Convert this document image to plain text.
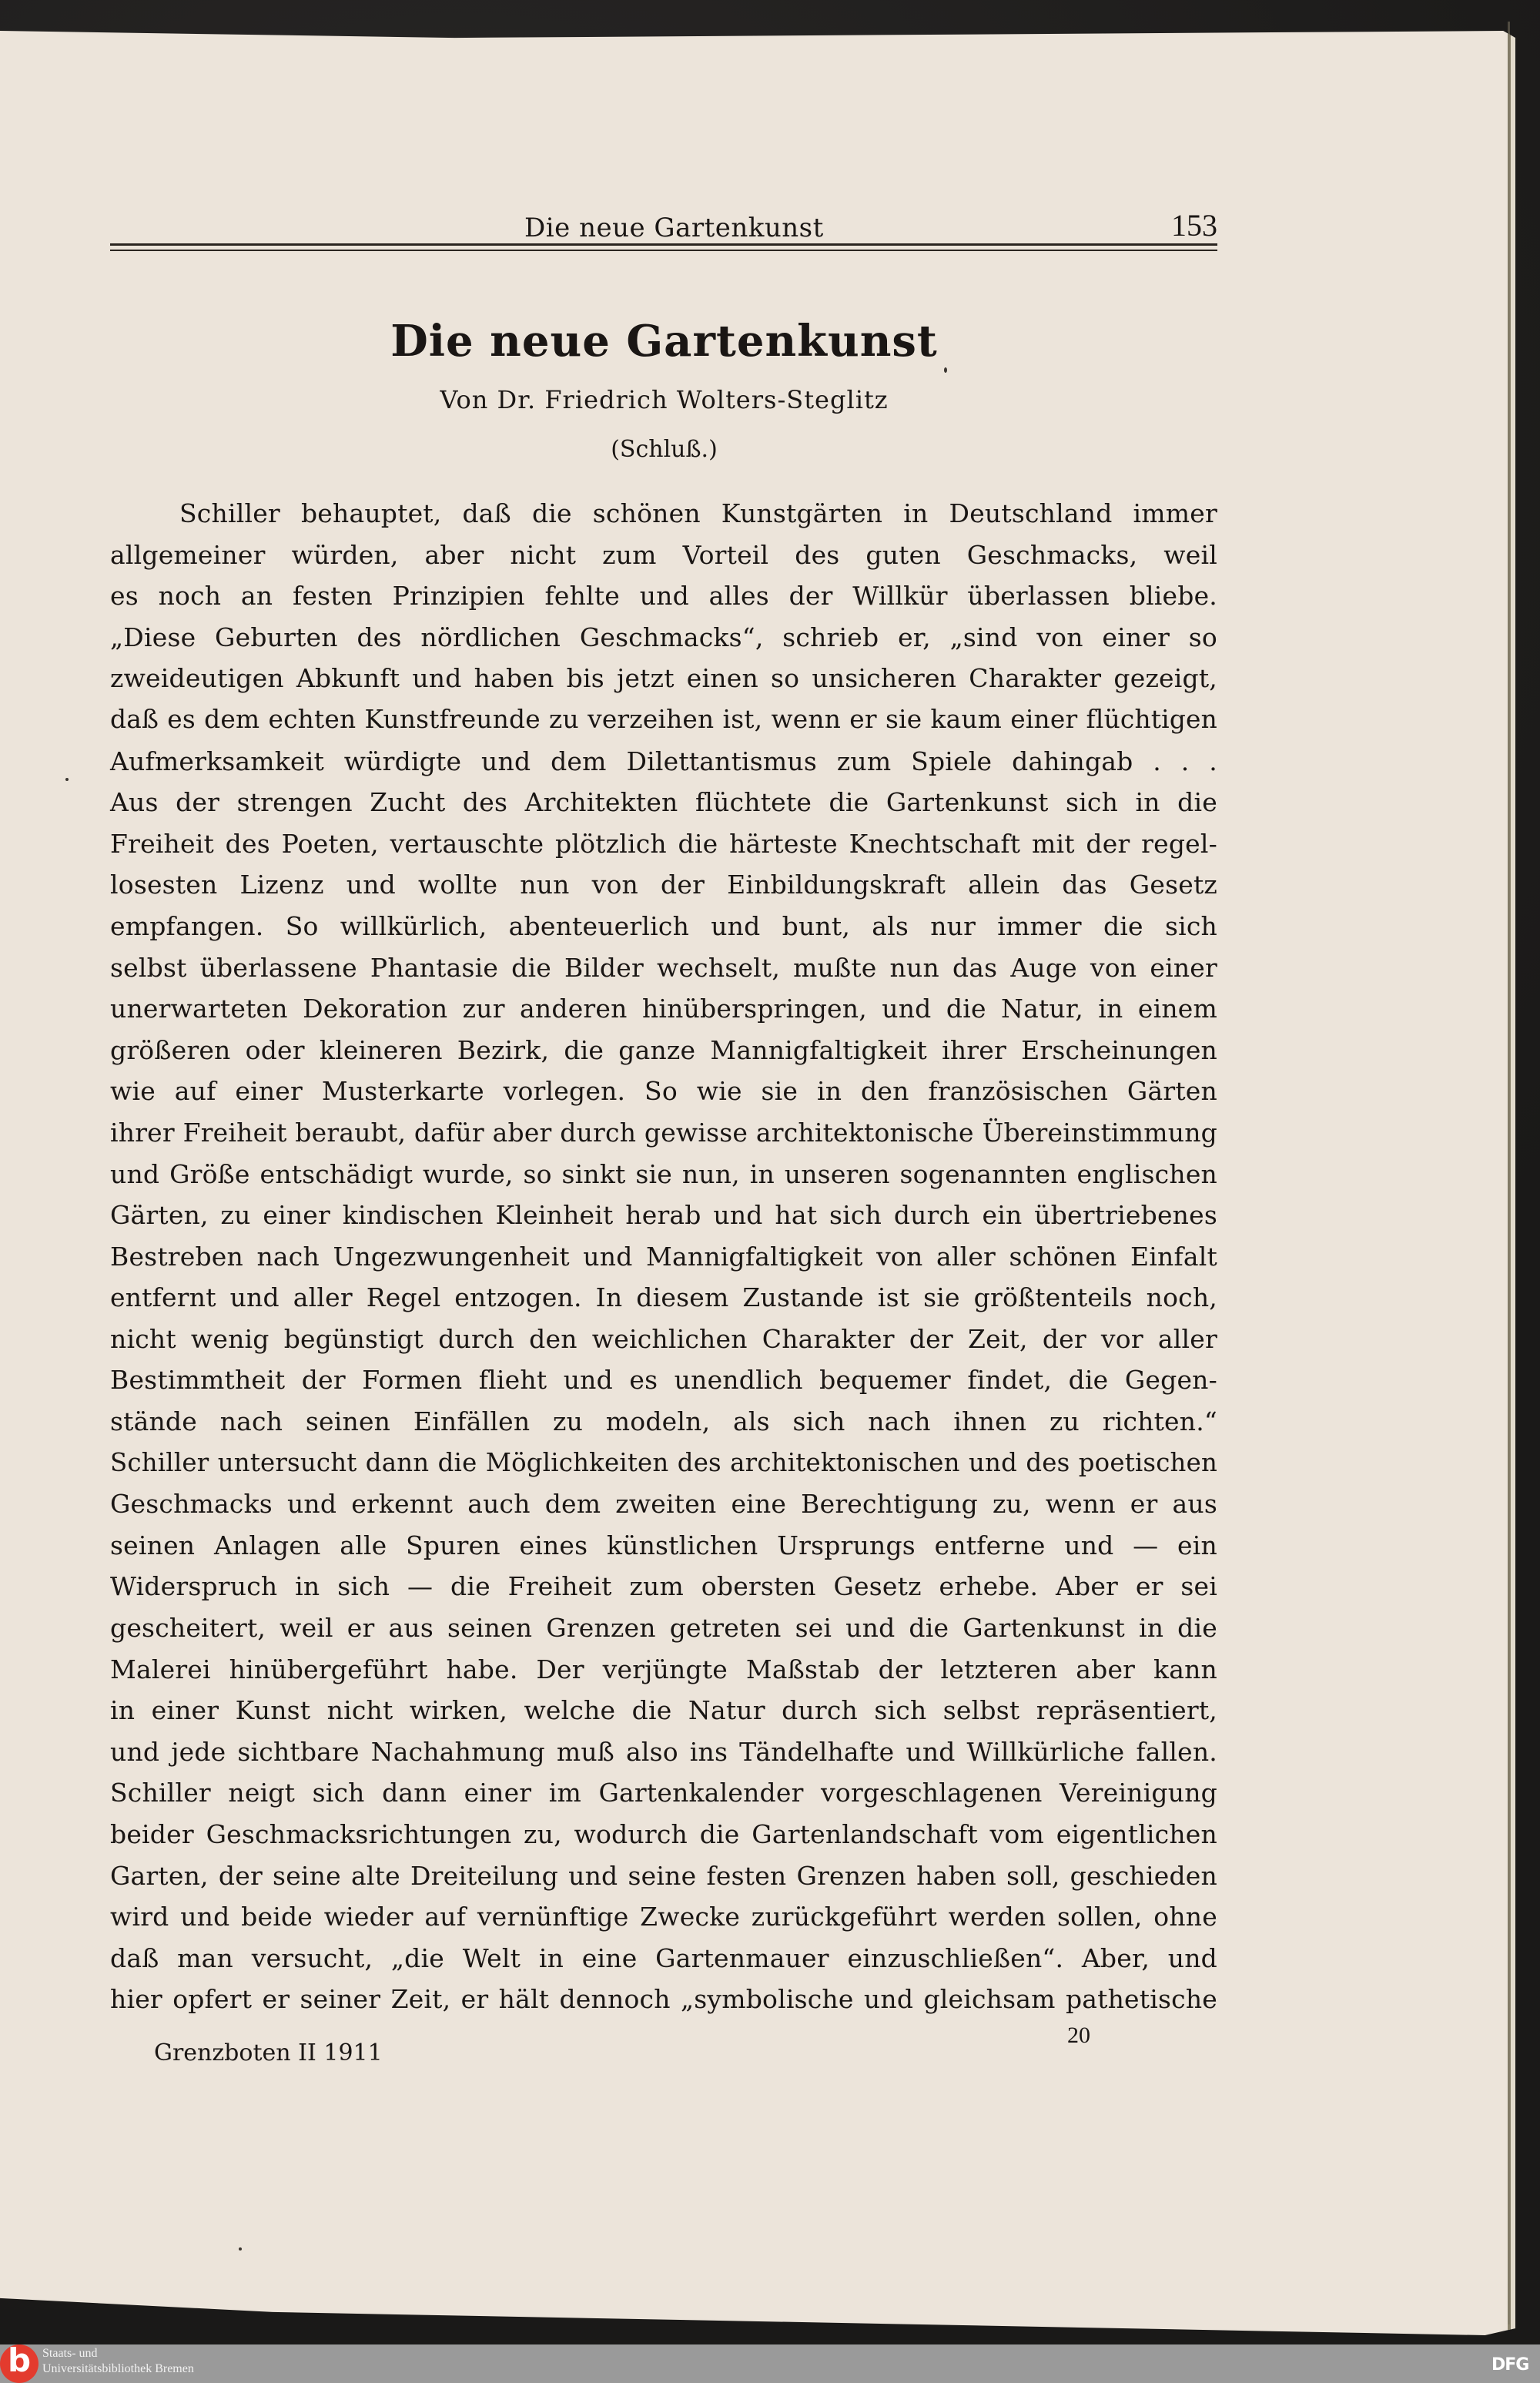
Die neue Gartenkunst	153
Die neue Gartenkunst
Von Dr. Friedrich Wolters-Steglitz
(Schluß.)
Schiller behauptet, daß die schönen Kunstgärten in Deutschland immer
allgemeiner würden, aber nicht zum Vorteil des guten Geschmacks, weil
es noch an festen Prinzipien fehlte und alles der Willkür überlassen bliebe.
„Diese Geburten des nördlichen Geschmacks“, schrieb er, „sind von einer so
zweideutigen Abkunft und haben bis jetzt einen so unsicheren Charakter gezeigt,
daß es dem echten Kunstfreunde zu verzeihen ist, wenn er sie kaum einer flüchtigen
Aufmerksamkeit würdigte und dem Dilettantismus zum Spiele dahingab . . .
Aus der strengen Zucht des Architekten flüchtete die Gartenkunst sich in die
Freiheit des Poeten, vertauschte plötzlich die härteste Knechtschaft mit der regel-
losesten Lizenz und wollte nun von der Einbildungskraft allein das Gesetz
empfangen. So willkürlich, abenteuerlich und bunt, als nur immer die sich
selbst überlassene Phantasie die Bilder wechselt, mußte nun das Auge von einer
unerwarteten Dekoration zur anderen hinüberspringen, und die Natur, in einem
größeren oder kleineren Bezirk, die ganze Mannigfaltigkeit ihrer Erscheinungen
wie auf einer Musterkarte vorlegen. So wie sie in den französischen Gärten
ihrer Freiheit beraubt, dafür aber durch gewisse architektonische Übereinstimmung
und Größe entschädigt wurde, so sinkt sie nun, in unseren sogenannten englischen
Gärten, zu einer kindischen Kleinheit herab und hat sich durch ein übertriebenes
Bestreben nach Ungezwungenheit und Mannigfaltigkeit von aller schönen Einfalt
entfernt und aller Regel entzogen. In diesem Zustande ist sie größtenteils noch,
nicht wenig begünstigt durch den weichlichen Charakter der Zeit, der vor aller
Bestimmtheit der Formen flieht und es unendlich bequemer findet, die Gegen-
stände nach seinen Einfällen zu modeln, als sich nach ihnen zu richten.“
Schiller untersucht dann die Möglichkeiten des architektonischen und des poetischen
Geschmacks und erkennt auch dem zweiten eine Berechtigung zu, wenn er aus
seinen Anlagen alle Spuren eines künstlichen Ursprungs entferne und — ein
Widerspruch in sich — die Freiheit zum obersten Gesetz erhebe. Aber er sei
gescheitert, weil er aus seinen Grenzen getreten sei und die Gartenkunst in die
Malerei hinübergeführt habe. Der verjüngte Maßstab der letzteren aber kann
in einer Kunst nicht wirken, welche die Natur durch sich selbst repräsentiert,
und jede sichtbare Nachahmung muß also ins Tändelhafte und Willkürliche fallen.
Schiller neigt sich dann einer im Gartenkalender vorgeschlagenen Vereinigung
beider Geschmacksrichtungen zu, wodurch die Gartenlandschaft vom eigentlichen
Garten, der seine alte Dreiteilung und seine festen Grenzen haben soll, geschieden
wird und beide wieder auf vernünftige Zwecke zurückgeführt werden sollen, ohne
daß man versucht, „die Welt in eine Gartenmauer einzuschließen“. Aber, und
hier opfert er seiner Zeit, er hält dennoch „symbolische und gleichsam pathetische
20
Grenzboten II 1911
b Staats- und
Universitätsbibliothek Bremen	DFG
